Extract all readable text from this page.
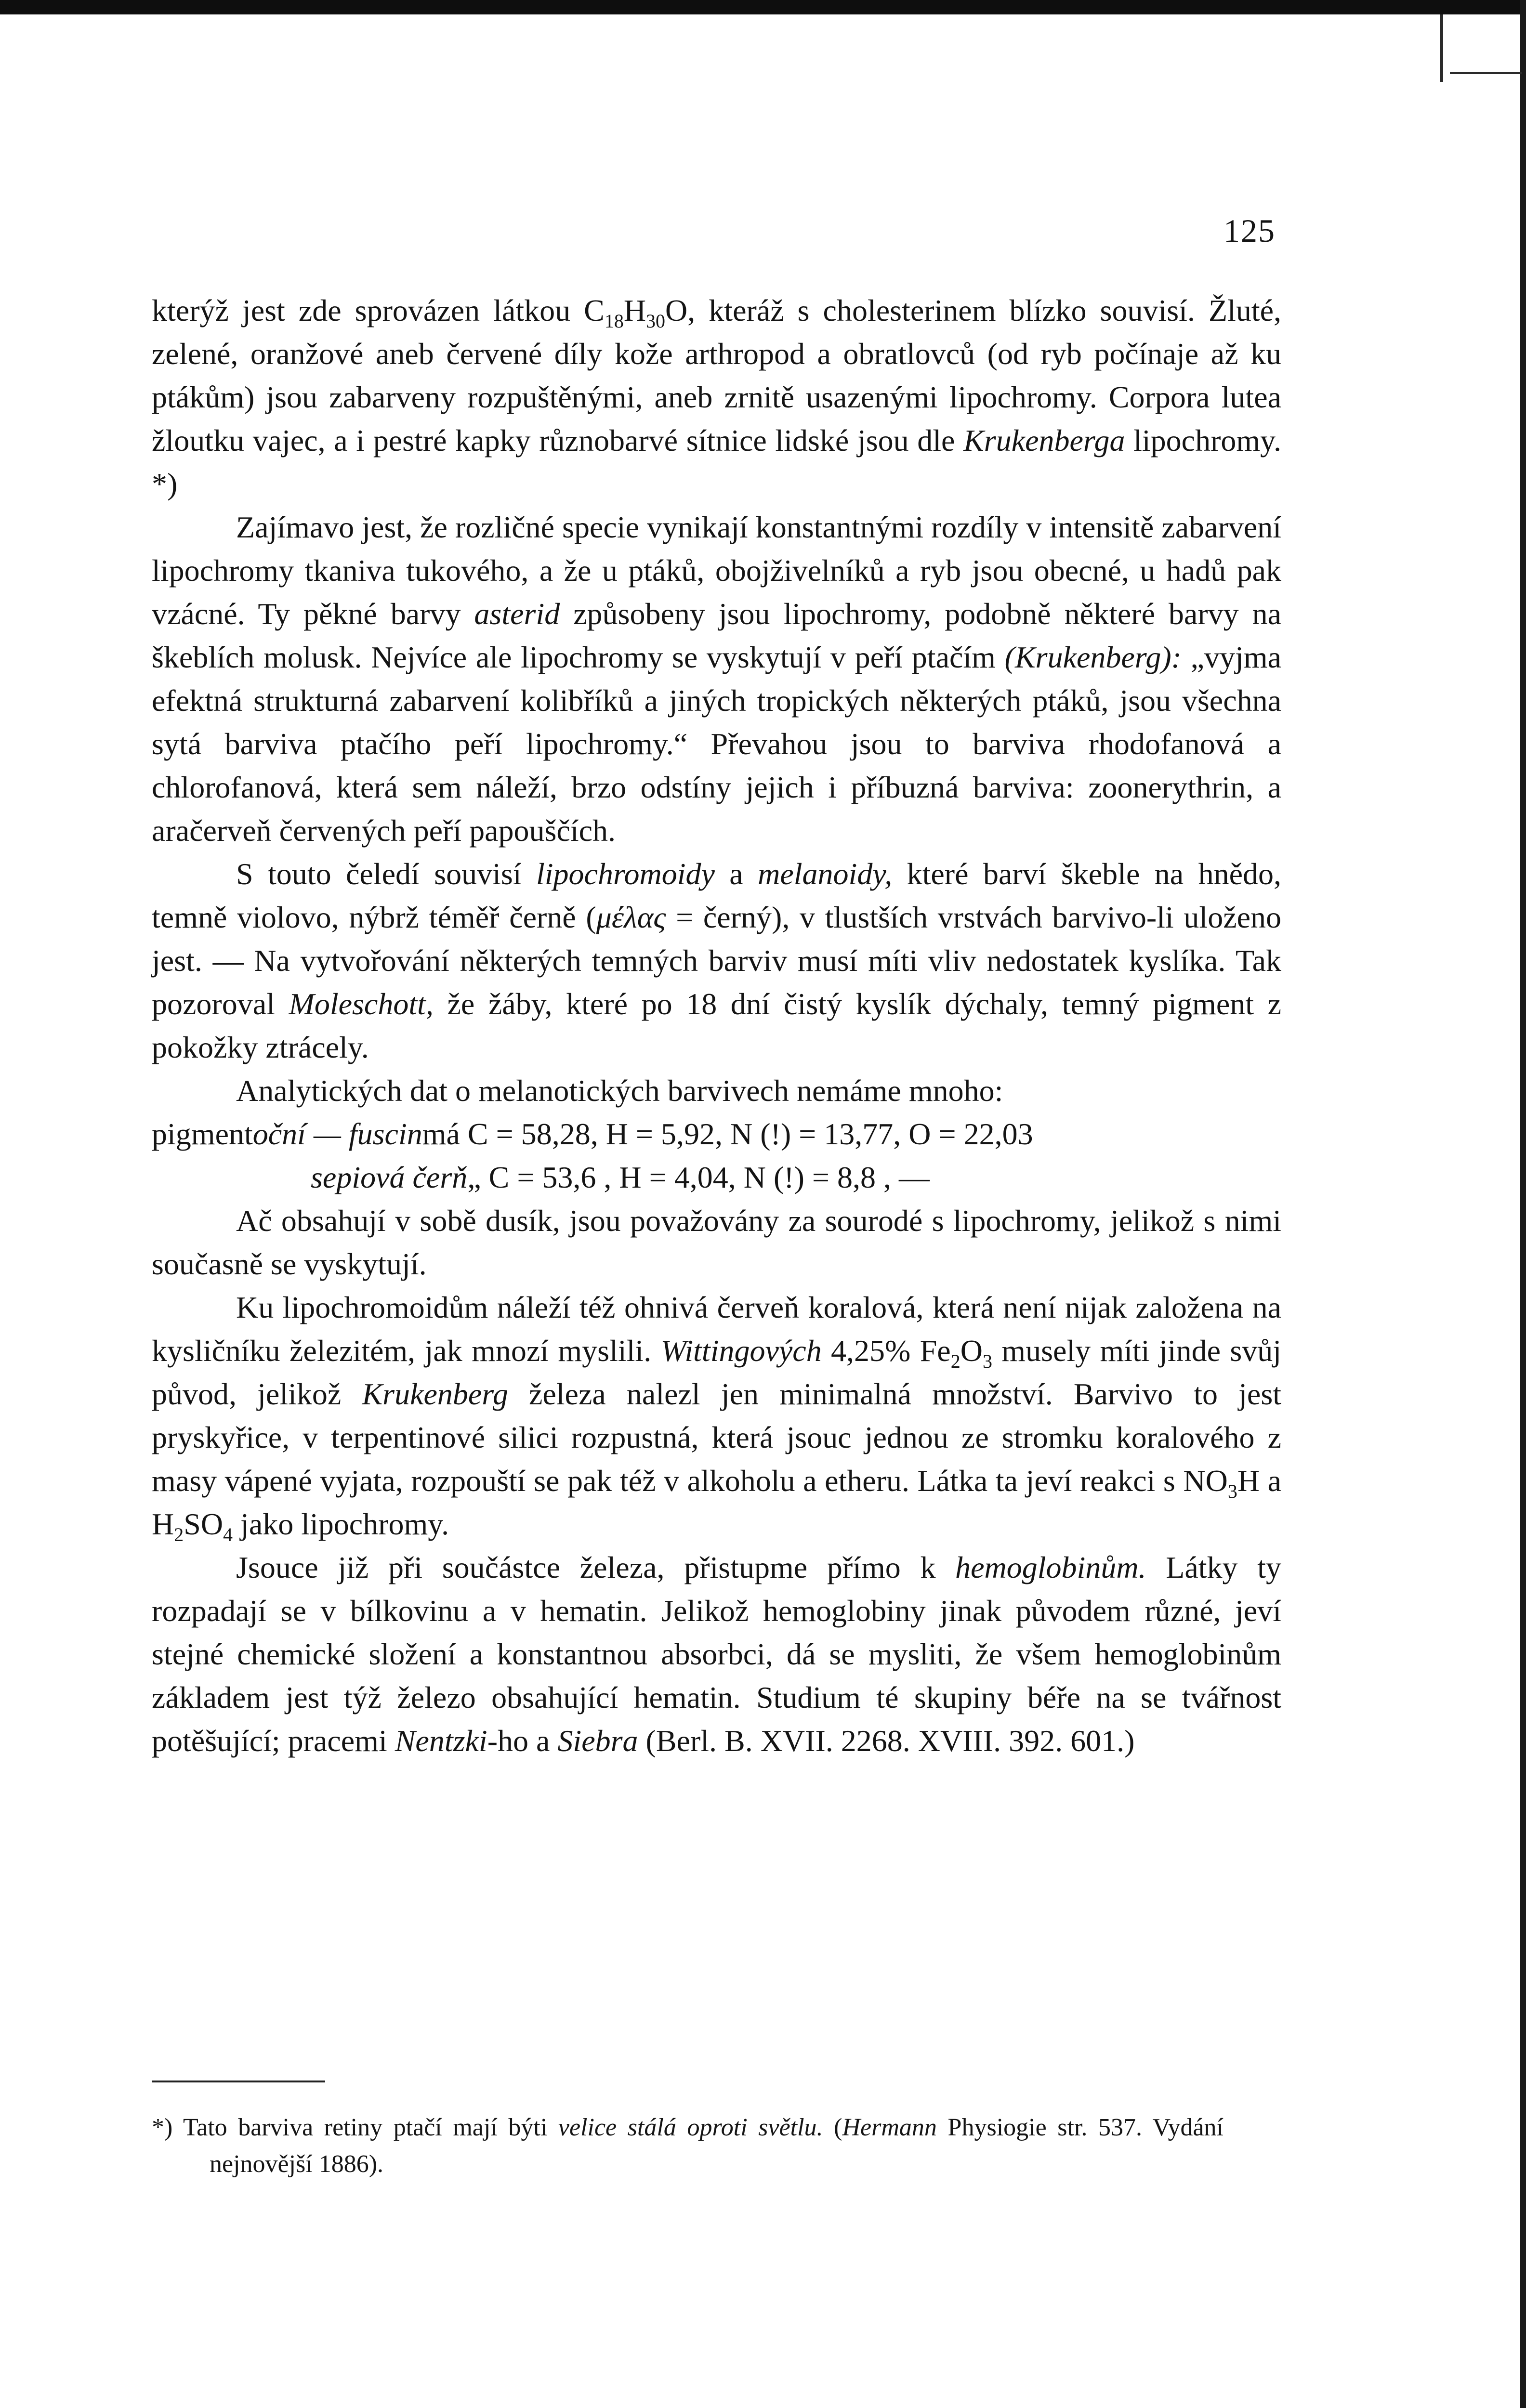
125

kterýž jest zde sprovázen látkou $C_{18}H_{30}O$, kteráž s cholesterinem blízko souvisí. Žluté, zelené, oranžové aneb červené díly kože arthropod a obratlovců (od ryb počínaje až ku ptákům) jsou zabarveny rozpuštěnými, aneb zrnitě usazenými lipochromy. Corpora lutea žloutku vajec, a i pestré kapky různobarvé sítnice lidské jsou dle Krukenberga lipochromy. *)

Zajímavo jest, že rozličné specie vynikají konstantnými rozdíly v intensitě zabarvení lipochromy tkaniva tukového, a že u ptáků, obojživelníků a ryb jsou obecné, u hadů pak vzácné. Ty pěkné barvy asterid způsobeny jsou lipochromy, podobně některé barvy na škeblích molusk. Nejvíce ale lipochromy se vyskytují v peří ptačím (Krukenberg): „vyjma efektná strukturná zabarvení kolibříků a jiných tropických některých ptáků, jsou všechna sytá barviva ptačího peří lipochromy.“ Převahou jsou to barviva rhodofanová a chlorofanová, která sem náleží, brzo odstíny jejich i příbuzná barviva: zoonerythrin, a aračerveň červených peří papouščích.

S touto čeledí souvisí lipochromoidy a melanoidy, které barví škeble na hnědo, temně violovo, nýbrž téměř černě (μέλας = černý), v tlustších vrstvách barvivo-li uloženo jest. — Na vytvořování některých temných barviv musí míti vliv nedostatek kyslíka. Tak pozoroval Moleschott, že žáby, které po 18 dní čistý kyslík dýchaly, temný pigment z pokožky ztrácely.

Analytických dat o melanotických barvivech nemáme mnoho:

pigment oční — fuscin má C = 58,28, H = 5,92, N (!) = 13,77, O = 22,03
sepiová čerň „ C = 53,6 , H = 4,04, N (!) = 8,8 , —

Ač obsahují v sobě dusík, jsou považovány za sourodé s lipochromy, jelikož s nimi současně se vyskytují.

Ku lipochromoidům náleží též ohnivá červeň koralová, která není nijak založena na kysličníku železitém, jak mnozí myslili. Wittingových 4,25% $Fe_2O_3$ musely míti jinde svůj původ, jelikož Krukenberg železa nalezl jen minimalná množství. Barvivo to jest pryskyřice, v terpentinové silici rozpustná, která jsouc jednou ze stromku koralového z masy vápené vyjata, rozpouští se pak též v alkoholu a etheru. Látka ta jeví reakci s $NO_3H$ a $H_2SO_4$ jako lipochromy.

Jsouce již při součástce železa, přistupme přímo k hemoglobinům. Látky ty rozpadají se v bílkovinu a v hematin. Jelikož hemoglobiny jinak původem různé, jeví stejné chemické složení a konstantnou absorbci, dá se mysliti, že všem hemoglobinům základem jest týž železo obsahující hematin. Studium té skupiny béře na se tvářnost potěšující; pracemi Nentzki-ho a Siebra (Berl. B. XVII. 2268. XVIII. 392. 601.)

*) Tato barviva retiny ptačí mají býti velice stálá oproti světlu. (Hermann Physiogie str. 537. Vydání nejnovější 1886).
